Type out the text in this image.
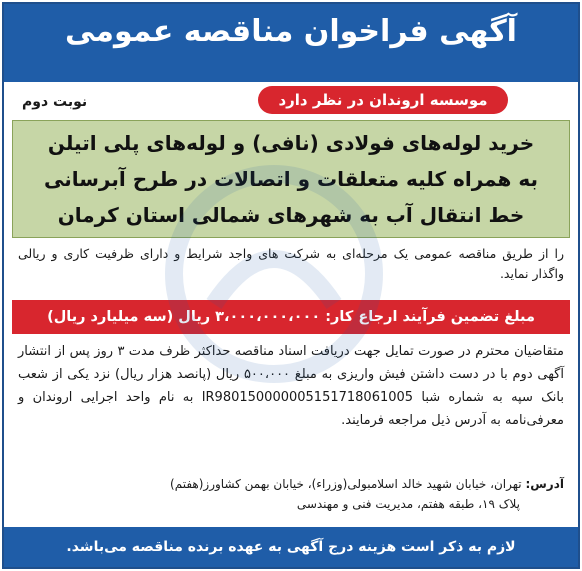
آگهی فراخوان مناقصه عمومی
موسسه اروندان در نظر دارد
نوبت دوم
خرید لوله‌های فولادی (نافی) و لوله‌های پلی اتیلن
به همراه کلیه متعلقات و اتصالات در طرح آبرسانی
خط انتقال آب به شهرهای شمالی استان کرمان

را از طریق مناقصه عمومی یک مرحله‌ای به شرکت های واجد شرایط و دارای ظرفیت کاری و ریالی واگذار نماید.

مبلغ تضمین فرآیند ارجاع کار: ۳،۰۰۰،۰۰۰،۰۰۰ ریال (سه میلیارد ریال)

متقاضیان محترم در صورت تمایل جهت دریافت اسناد مناقصه حداکثر ظرف مدت ۳ روز پس از انتشار آگهی دوم با در دست داشتن فیش واریزی به مبلغ ۵۰۰،۰۰۰ ریال (پانصد هزار ریال) نزد یکی از شعب بانک سپه به شماره شبا IR980150000005151718061005 به نام واحد اجرایی اروندان و معرفی‌نامه به آدرس ذیل مراجعه فرمایند.

آدرس: تهران، خیابان شهید خالد اسلامبولی(وزراء)، خیابان بهمن کشاورز(هفتم)
پلاک ۱۹، طبقه هفتم، مدیریت فنی و مهندسی
لازم به ذکر است هزینه درج آگهی به عهده برنده مناقصه می‌باشد.
